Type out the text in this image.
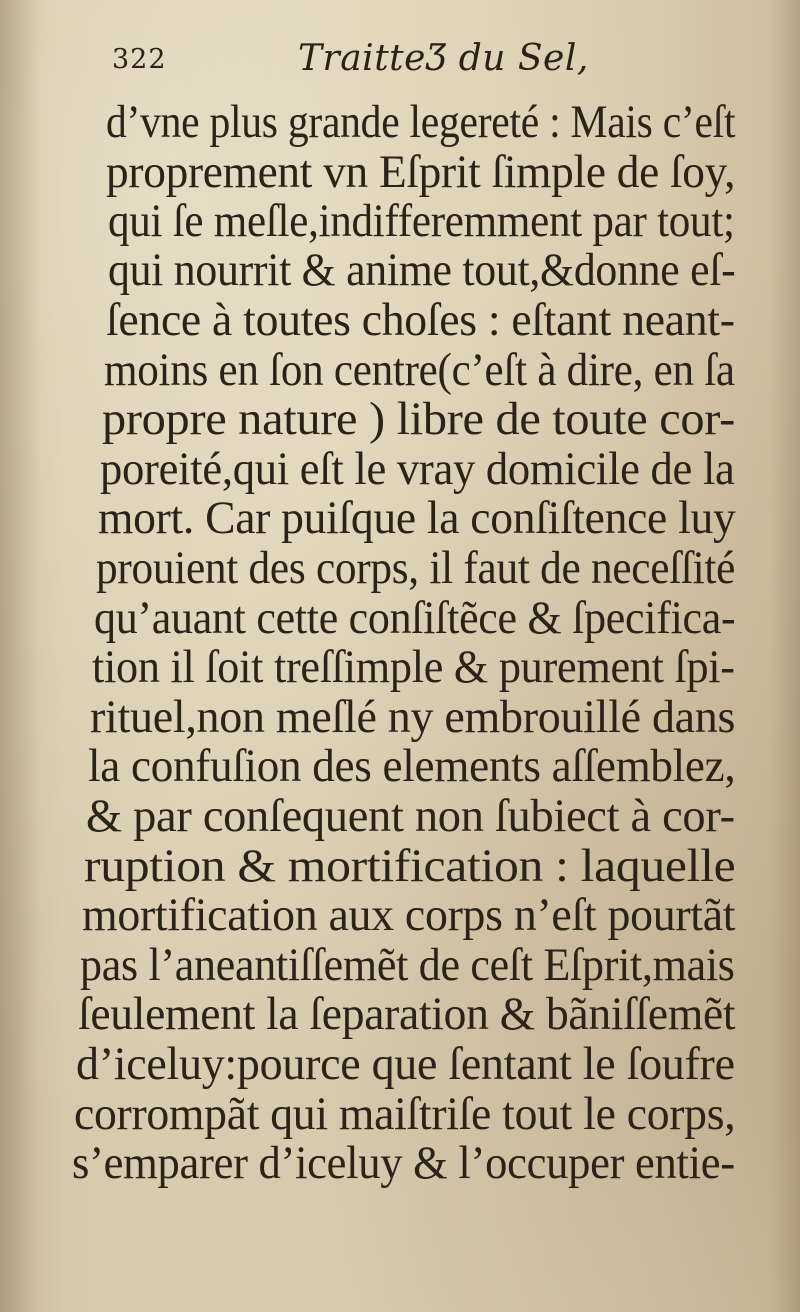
322	TraitteƷ du Sel,
d’vne plus grande legereté : Mais c’eſt
proprement vn Eſprit ſimple de ſoy,
qui ſe meſle,indifferemment par tout;
qui nourrit & anime tout,&donne eſ-
ſence à toutes choſes : eſtant neant-
moins en ſon centre(c’eſt à dire, en ſa
propre nature ) libre de toute cor-
poreité,qui eſt le vray domicile de la
mort. Car puiſque la conſiſtence luy
prouient des corps, il faut de neceſſité
qu’auant cette conſiſtẽce & ſpecifica-
tion il ſoit treſſimple & purement ſpi-
rituel,non meſlé ny embrouillé dans
la confuſion des elements aſſemblez,
& par conſequent non ſubiect à cor-
ruption & mortification : laquelle
mortification aux corps n’eſt pourtãt
pas l’aneantiſſemẽt de ceſt Eſprit,mais
ſeulement la ſeparation & bãniſſemẽt
d’iceluy:pource que ſentant le ſoufre
corrompãt qui maiſtriſe tout le corps,
s’emparer d’iceluy & l’occuper entie-
